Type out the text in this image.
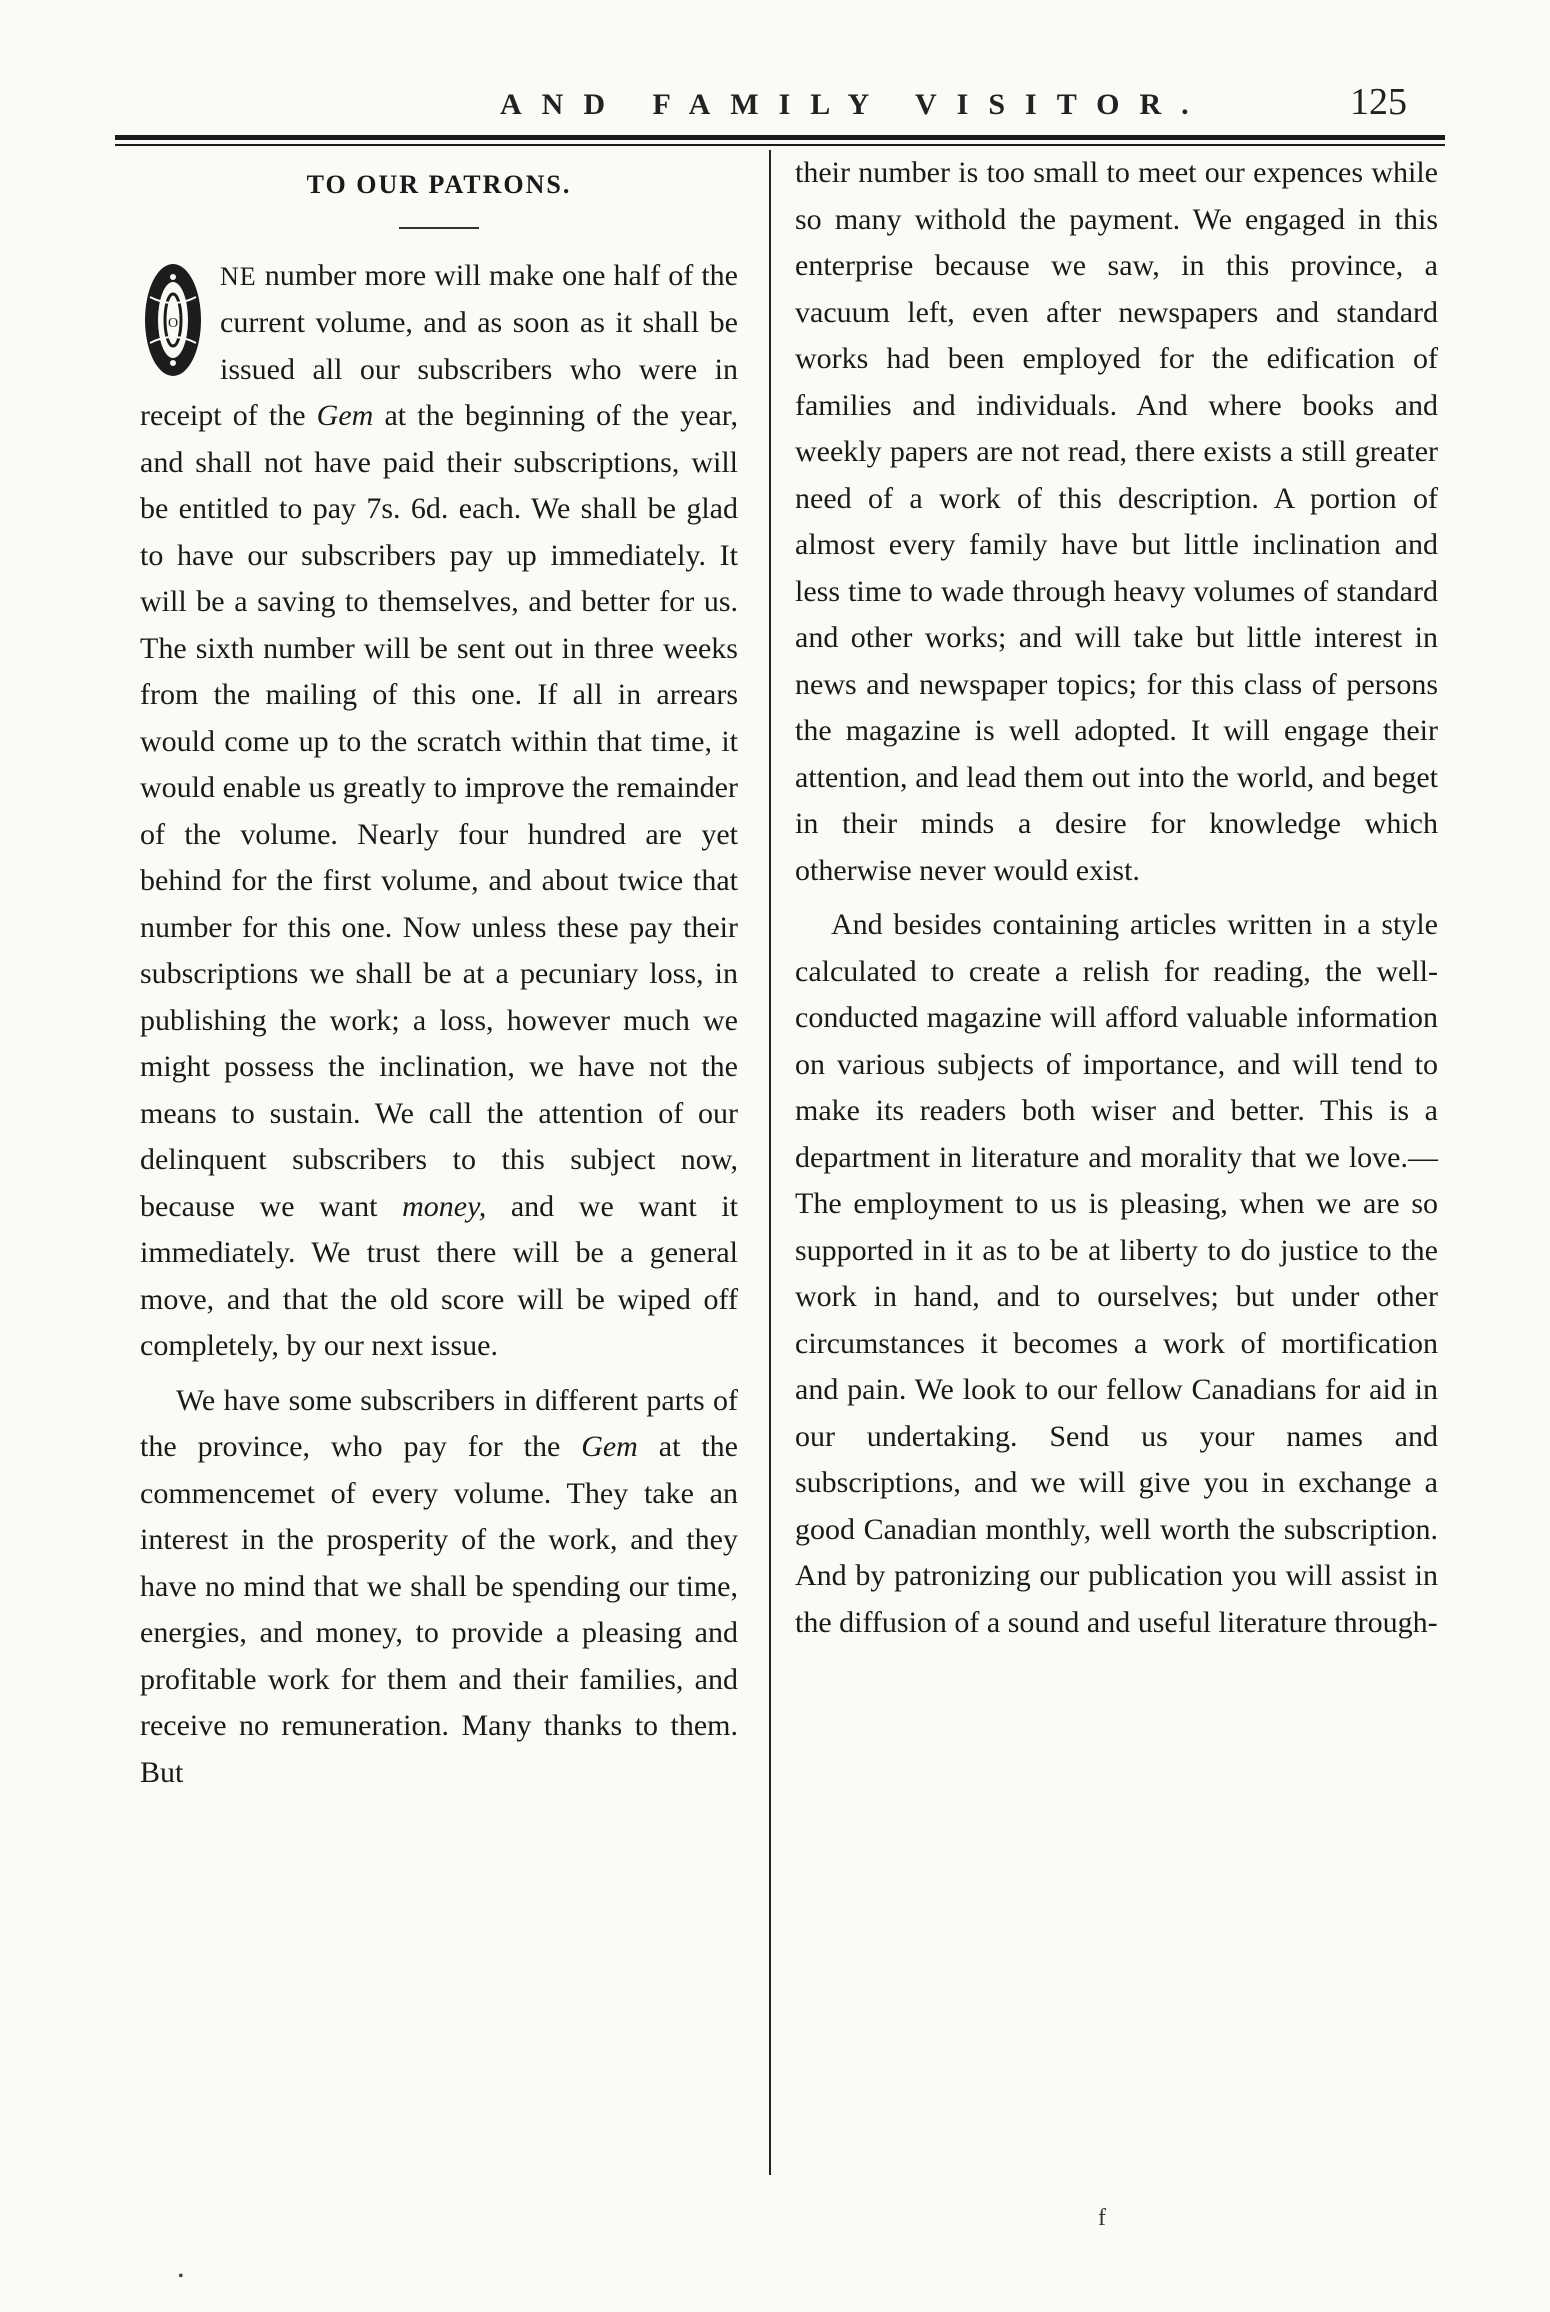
AND FAMILY VISITOR.	125
TO OUR PATRONS.

O
NE number more will make one half of the current volume, and as soon as it shall be issued all our subscribers who were in receipt of the Gem at the beginning of the year, and shall not have paid their subscriptions, will be entitled to pay 7s. 6d. each. We shall be glad to have our subscribers pay up immediately. It will be a saving to themselves, and better for us. The sixth number will be sent out in three weeks from the mailing of this one. If all in arrears would come up to the scratch within that time, it would enable us greatly to improve the remainder of the volume. Nearly four hundred are yet behind for the first volume, and about twice that number for this one. Now unless these pay their subscriptions we shall be at a pecuniary loss, in publishing the work; a loss, however much we might possess the inclination, we have not the means to sustain. We call the attention of our delinquent subscribers to this subject now, because we want money, and we want it immediately. We trust there will be a general move, and that the old score will be wiped off completely, by our next issue.

We have some subscribers in different parts of the province, who pay for the Gem at the commencemet of every volume. They take an interest in the prosperity of the work, and they have no mind that we shall be spending our time, energies, and money, to provide a pleasing and profitable work for them and their families, and receive no remuneration. Many thanks to them. But

their number is too small to meet our expences while so many withold the payment. We engaged in this enterprise because we saw, in this province, a vacuum left, even after newspapers and standard works had been employed for the edification of families and individuals. And where books and weekly papers are not read, there exists a still greater need of a work of this description. A portion of almost every family have but little inclination and less time to wade through heavy volumes of standard and other works; and will take but little interest in news and newspaper topics; for this class of persons the magazine is well adopted. It will engage their attention, and lead them out into the world, and beget in their minds a desire for knowledge which otherwise never would exist.

And besides containing articles written in a style calculated to create a relish for reading, the well-conducted magazine will afford valuable information on various subjects of importance, and will tend to make its readers both wiser and better. This is a department in literature and morality that we love.—The employment to us is pleasing, when we are so supported in it as to be at liberty to do justice to the work in hand, and to ourselves; but under other circumstances it becomes a work of mortification and pain. We look to our fellow Canadians for aid in our undertaking. Send us your names and subscriptions, and we will give you in exchange a good Canadian monthly, well worth the subscription. And by patronizing our publication you will assist in the diffusion of a sound and useful literature through-

f
•
